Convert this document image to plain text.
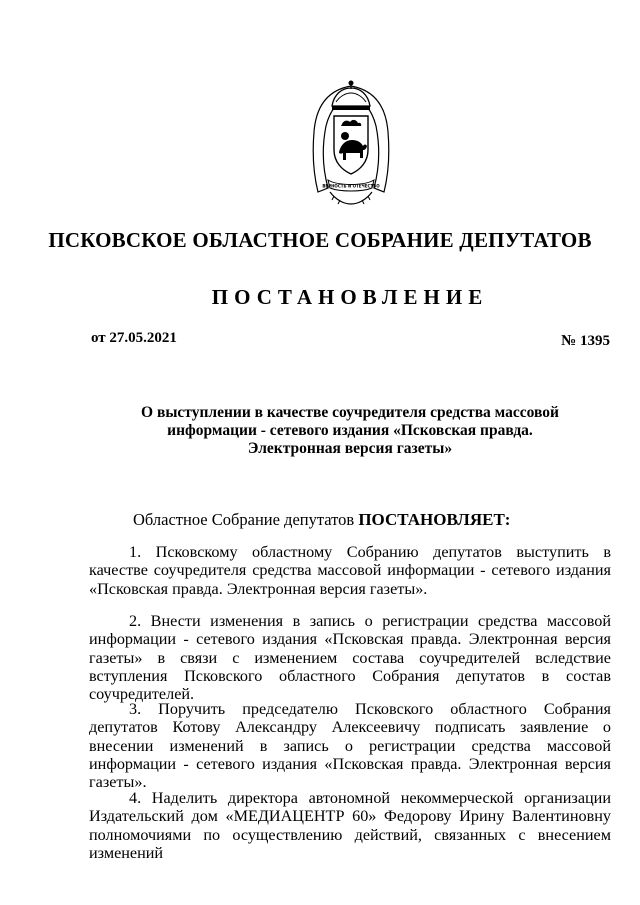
ВЕРНОСТЬ И ОТЕЧЕСТВО
ПСКОВСКОЕ ОБЛАСТНОЕ СОБРАНИЕ ДЕПУТАТОВ
ПОСТАНОВЛЕНИЕ
от 27.05.2021	№ 1395
О выступлении в качестве соучредителя средства массовой
информации - сетевого издания «Псковская правда.
Электронная версия газеты»
Областное Собрание депутатов ПОСТАНОВЛЯЕТ:
1. Псковскому областному Собранию депутатов выступить в качестве соучредителя средства массовой информации - сетевого издания «Псковская правда. Электронная версия газеты».
2. Внести изменения в запись о регистрации средства массовой информации - сетевого издания «Псковская правда. Электронная версия газеты» в связи с изменением состава соучредителей вследствие вступления Псковского областного Собрания депутатов в состав соучредителей.
3. Поручить председателю Псковского областного Собрания депутатов Котову Александру Алексеевичу подписать заявление о внесении изменений в запись о регистрации средства массовой информации - сетевого издания «Псковская правда. Электронная версия газеты».
4. Наделить директора автономной некоммерческой организации Издательский дом «МЕДИАЦЕНТР 60» Федорову Ирину Валентиновну полномочиями по осуществлению действий, связанных с внесением изменений
